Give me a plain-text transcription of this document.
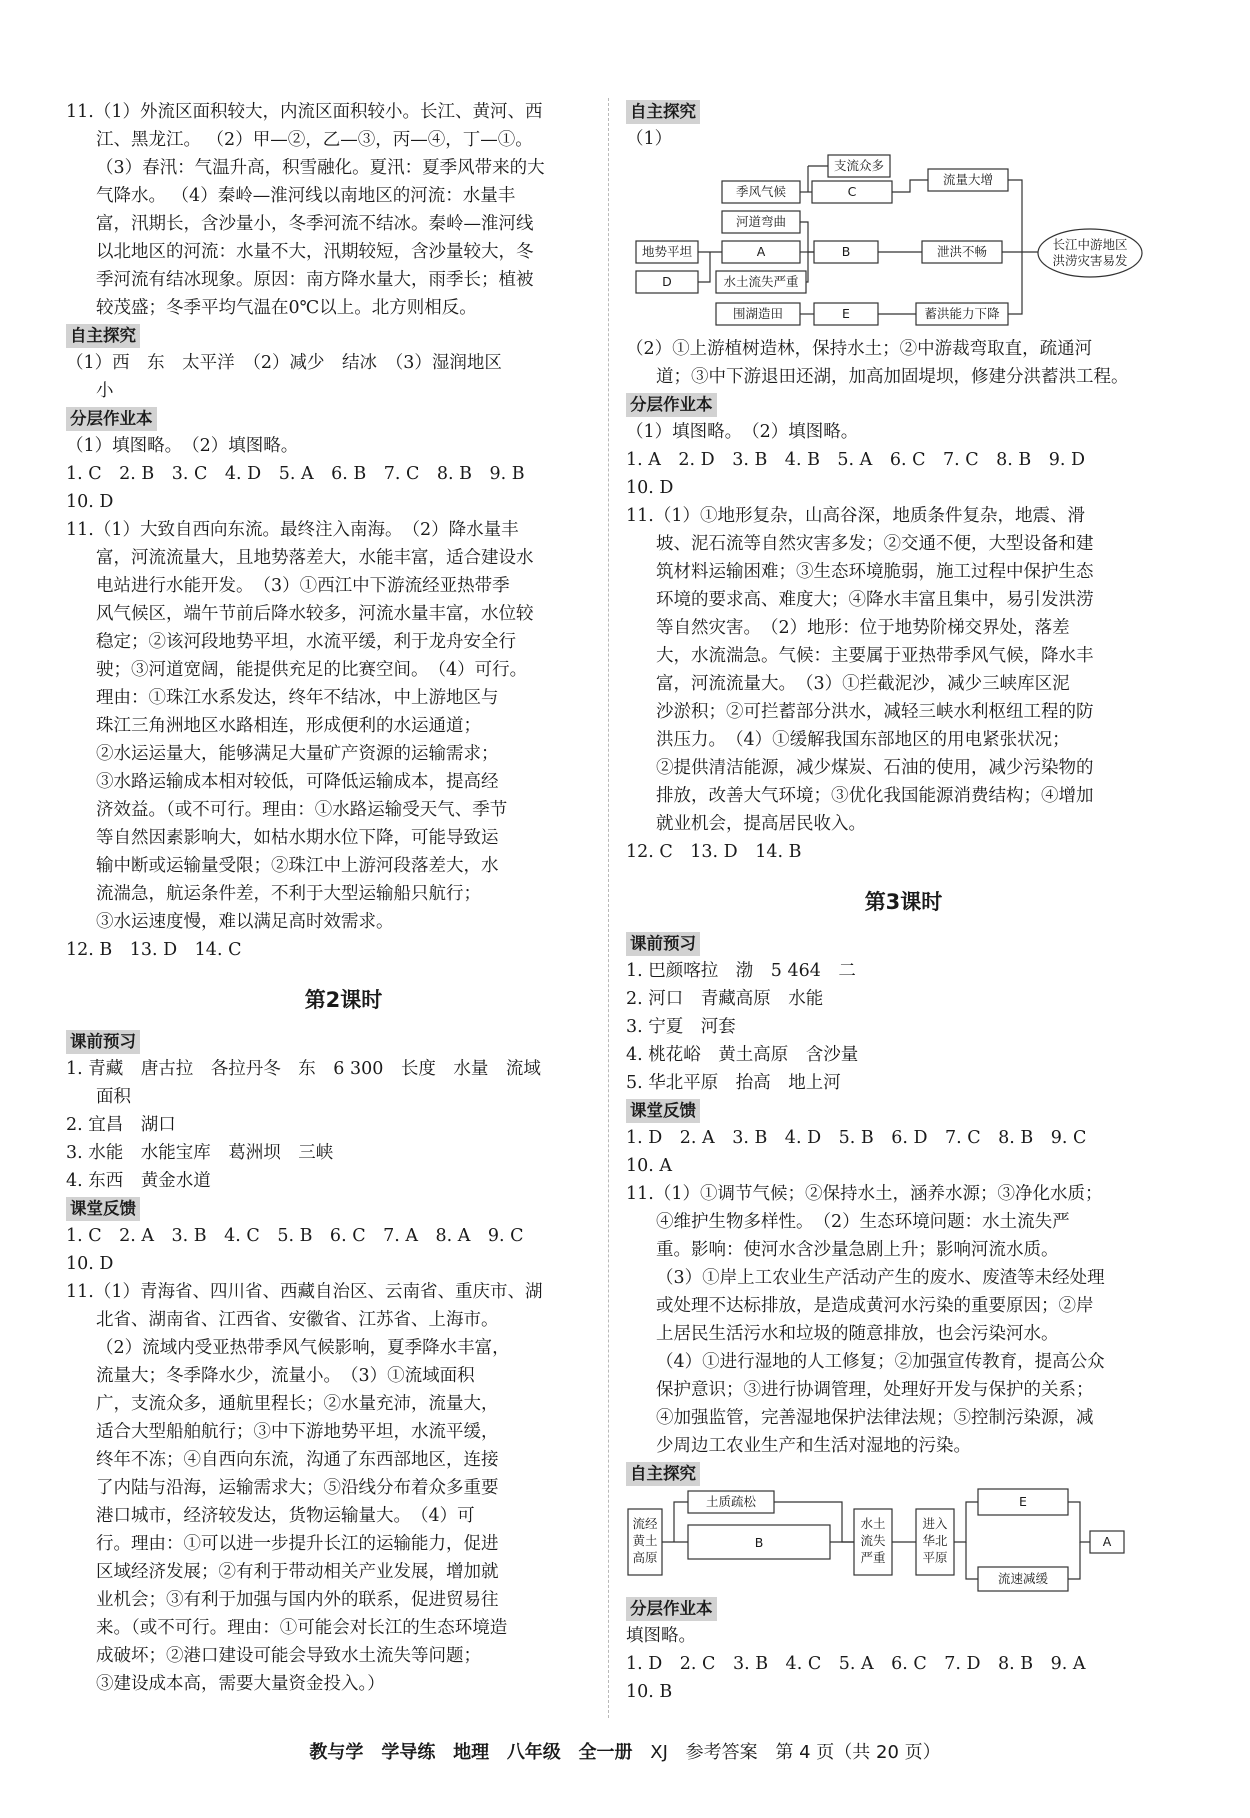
11.（1）外流区面积较大，内流区面积较小。长江、黄河、西
江、黑龙江。 （2）甲—②，乙—③，丙—④，丁—①。
（3）春汛：气温升高，积雪融化。夏汛：夏季风带来的大
气降水。 （4）秦岭—淮河线以南地区的河流：水量丰
富，汛期长，含沙量小，冬季河流不结冰。秦岭—淮河线
以北地区的河流：水量不大，汛期较短，含沙量较大，冬
季河流有结冰现象。原因：南方降水量大，雨季长；植被
较茂盛；冬季平均气温在0℃以上。北方则相反。
自主探究
（1）西　东　太平洋　（2）减少　结冰　（3）湿润地区
小
分层作业本
（1）填图略。　（2）填图略。
1. C　2. B　3. C　4. D　5. A　6. B　7. C　8. B　9. B
10. D
11.（1）大致自西向东流。最终注入南海。　（2）降水量丰
富，河流流量大，且地势落差大，水能丰富，适合建设水
电站进行水能开发。　（3）①西江中下游流经亚热带季
风气候区，端午节前后降水较多，河流水量丰富，水位较
稳定；②该河段地势平坦，水流平缓，利于龙舟安全行
驶；③河道宽阔，能提供充足的比赛空间。　（4）可行。
理由：①珠江水系发达，终年不结冰，中上游地区与
珠江三角洲地区水路相连，形成便利的水运通道；
②水运运量大，能够满足大量矿产资源的运输需求；
③水路运输成本相对较低，可降低运输成本，提高经
济效益。（或不可行。理由：①水路运输受天气、季节
等自然因素影响大，如枯水期水位下降，可能导致运
输中断或运输量受限；②珠江中上游河段落差大，水
流湍急，航运条件差，不利于大型运输船只航行；
③水运速度慢，难以满足高时效需求。
12. B　13. D　14. C
第2课时
课前预习
1. 青藏　唐古拉　各拉丹冬　东　6 300　长度　水量　流域
面积
2. 宜昌　湖口
3. 水能　水能宝库　葛洲坝　三峡
4. 东西　黄金水道
课堂反馈
1. C　2. A　3. B　4. C　5. B　6. C　7. A　8. A　9. C
10. D
11.（1）青海省、四川省、西藏自治区、云南省、重庆市、湖
北省、湖南省、江西省、安徽省、江苏省、上海市。
（2）流域内受亚热带季风气候影响，夏季降水丰富，
流量大；冬季降水少，流量小。　（3）①流域面积
广，支流众多，通航里程长；②水量充沛，流量大，
适合大型船舶航行；③中下游地势平坦，水流平缓，
终年不冻；④自西向东流，沟通了东西部地区，连接
了内陆与沿海，运输需求大；⑤沿线分布着众多重要
港口城市，经济较发达，货物运输量大。　（4）可
行。理由：①可以进一步提升长江的运输能力，促进
区域经济发展；②有利于带动相关产业发展，增加就
业机会；③有利于加强与国内外的联系，促进贸易往
来。（或不可行。理由：①可能会对长江的生态环境造
成破坏；②港口建设可能会导致水土流失等问题；
③建设成本高，需要大量资金投入。）
自主探究
（1）
支流众多
季风气候	C
流量大增
河道弯曲
地势平坦	A	B	泄洪不畅
D	水土流失严重
围湖造田	E	蓄洪能力下降
长江中游地区
洪涝灾害易发
（2）①上游植树造林，保持水土；②中游裁弯取直，疏通河
道；③中下游退田还湖，加高加固堤坝，修建分洪蓄洪工程。
分层作业本
（1）填图略。　（2）填图略。
1. A　2. D　3. B　4. B　5. A　6. C　7. C　8. B　9. D
10. D
11.（1）①地形复杂，山高谷深，地质条件复杂，地震、滑
坡、泥石流等自然灾害多发；②交通不便，大型设备和建
筑材料运输困难；③生态环境脆弱，施工过程中保护生态
环境的要求高、难度大；④降水丰富且集中，易引发洪涝
等自然灾害。　（2）地形：位于地势阶梯交界处，落差
大，水流湍急。气候：主要属于亚热带季风气候，降水丰
富，河流流量大。　（3）①拦截泥沙，减少三峡库区泥
沙淤积；②可拦蓄部分洪水，减轻三峡水利枢纽工程的防
洪压力。　（4）①缓解我国东部地区的用电紧张状况；
②提供清洁能源，减少煤炭、石油的使用，减少污染物的
排放，改善大气环境；③优化我国能源消费结构；④增加
就业机会，提高居民收入。
12. C　13. D　14. B
第3课时
课前预习
1. 巴颜喀拉　渤　5 464　二
2. 河口　青藏高原　水能
3. 宁夏　河套
4. 桃花峪　黄土高原　含沙量
5. 华北平原　抬高　地上河
课堂反馈
1. D　2. A　3. B　4. D　5. B　6. D　7. C　8. B　9. C
10. A
11.（1）①调节气候；②保持水土，涵养水源；③净化水质；
④维护生物多样性。　（2）生态环境问题：水土流失严
重。影响：使河水含沙量急剧上升；影响河流水质。
（3）①岸上工农业生产活动产生的废水、废渣等未经处理
或处理不达标排放，是造成黄河水污染的重要原因；②岸
上居民生活污水和垃圾的随意排放，也会污染河水。
（4）①进行湿地的人工修复；②加强宣传教育，提高公众
保护意识；③进行协调管理，处理好开发与保护的关系；
④加强监管，完善湿地保护法律法规；⑤控制污染源，减
少周边工农业生产和生活对湿地的污染。
自主探究
流经
黄土
高原
土质疏松
B
水土
流失
严重
进入
华北
平原
E
流速减缓
A
分层作业本
填图略。
1. D　2. C　3. B　4. C　5. A　6. C　7. D　8. B　9. A
10. B
教与学　学导练 地理 八年级 全一册 XJ 参考答案 第 4 页（共 20 页）
